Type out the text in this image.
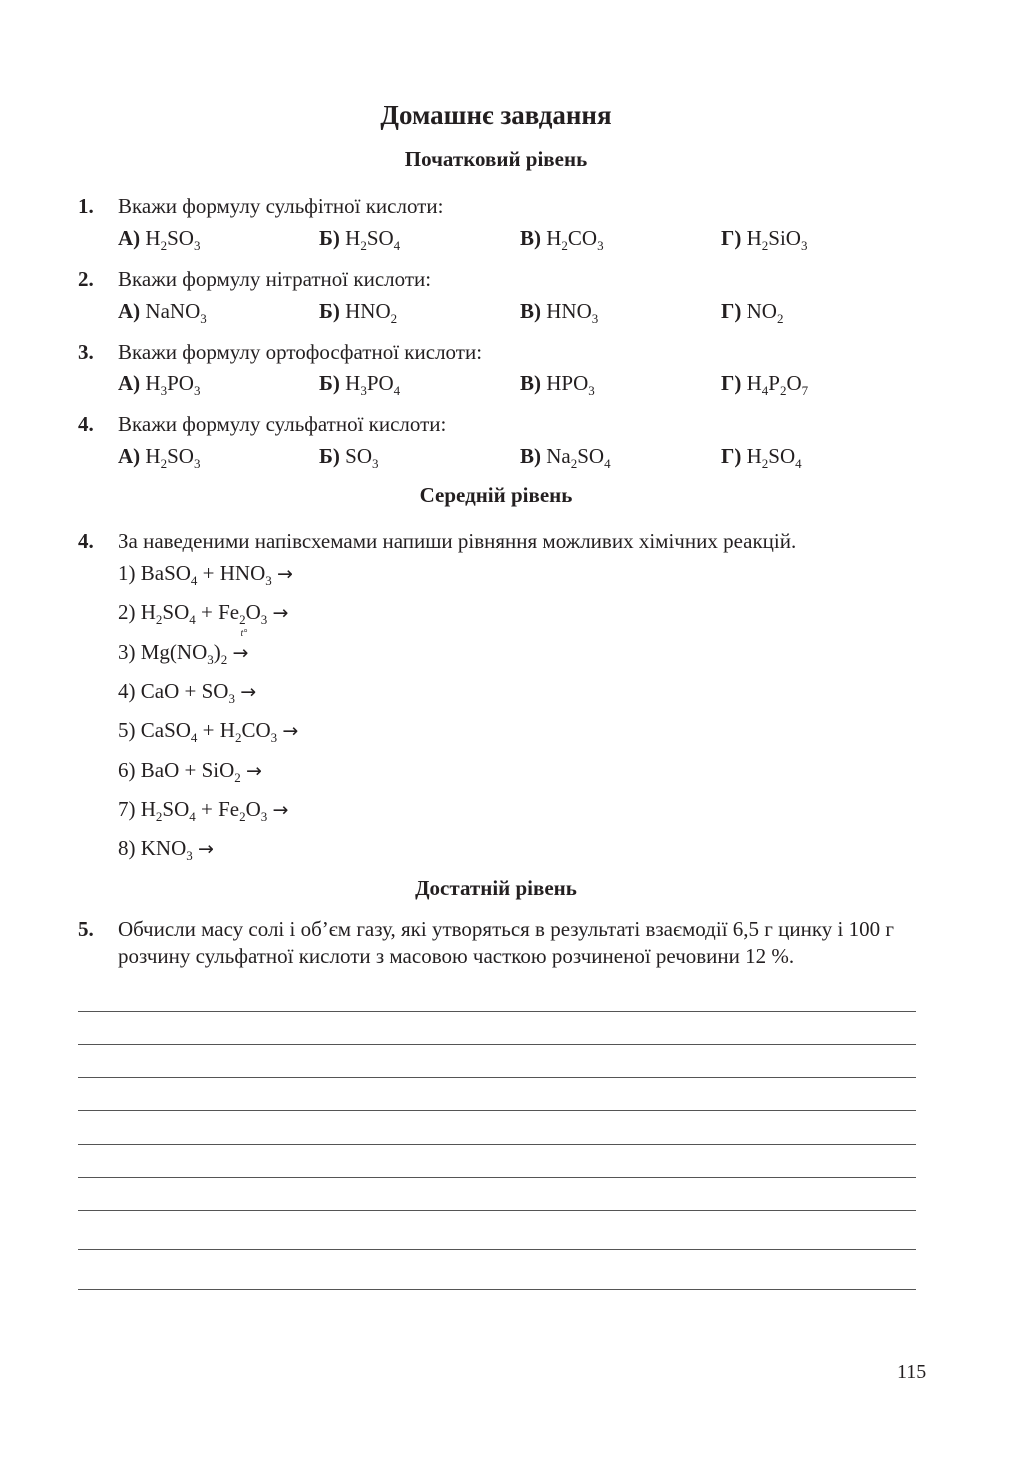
Домашнє завдання
Початковий рівень
Середній рівень
Достатній рівень
1. Вкажи формулу сульфітної кислоти:
А) $H_2SO_3$	Б) $H_2SO_4$	В) $H_2CO_3$	Г) $H_2SiO_3$
2. Вкажи формулу нітратної кислоти:
А) NaNO$_3$	Б) $HNO_2$	В) $HNO_3$	Г) $NO_2$
3. Вкажи формулу ортофосфатної кислоти:
А) $H_3PO_3$	Б) $H_3PO_4$	В) $HPO_3$	Г) $H_4P_2O_7$
4. Вкажи формулу сульфатної кислоти:
А) $H_2SO_3$	Б) $SO_3$	В) $Na_2SO_4$	Г) $H_2SO_4$
4. За наведеними напівсхемами напиши рівняння можливих хімічних реакцій.
1) BaSO$_4$ + $HNO_3$ →
2) $H_2SO_4 + Fe_2O_3$ →
3) $Mg(NO_3)_2$
t°
→
4) CaO + $SO_3$ →
5) CaSO$_4$ + $H_2CO_3$ →
6) BaO + SiO$_2$ →
7) $H_2SO_4 + Fe_2O_3$ →
8) $KNO_3$ →
5. Обчисли масу солі і об’єм газу, які утворяться в результаті взаємодії 6,5 г цинку і 100 г розчину сульфатної кислоти з масовою часткою розчиненої речовини 12 %.
115
